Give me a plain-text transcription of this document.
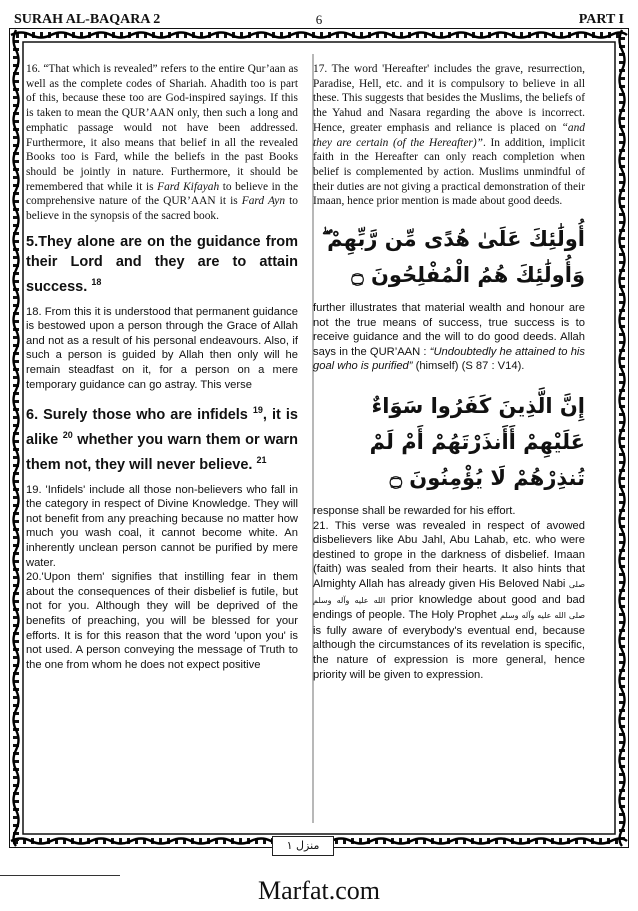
SURAH AL-BAQARA 2	6	PART I

16. “That which is revealed” refers to the entire Qur’aan as well as the complete codes of Shariah. Ahadith too is part of this, because these too are God-inspired sayings. If this is taken to mean the QUR’AAN only, then such a long and emphatic passage would not have been addressed. Furthermore, it also means that belief in all the revealed Books too is Fard, while the beliefs in the past Books should be jointly in nature. Furthermore, it should be remembered that while it is Fard Kifayah to believe in the comprehensive nature of the QUR’AAN it is Fard Ayn to believe in the synopsis of the sacred book.

5.They alone are on the guidance from their Lord and they are to attain success. $^{18}$

18. From this it is understood that permanent guidance is bestowed upon a person through the Grace of Allah and not as a result of his personal endeavours. Also, if such a person is guided by Allah then only will he remain steadfast on it, for a person on a mere temporary guidance can go astray. This verse

6. Surely those who are infidels $^{19}$, it is alike $^{20}$ whether you warn them or warn them not, they will never believe. $^{21}$

19. 'Infidels' include all those non-believers who fall in the category in respect of Divine Knowledge. They will not benefit from any preaching because no matter how much you wash coal, it cannot become white. An inherently unclean person cannot be purified by mere water.

20.'Upon them' signifies that instilling fear in them about the consequences of their disbelief is futile, but not for you. Although they will be deprived of the benefits of preaching, you will be blessed for your efforts. It is for this reason that the word 'upon you' is not used. A person conveying the message of Truth to the one from whom he does not expect positive

17. The word 'Hereafter' includes the grave, resurrection, Paradise, Hell, etc. and it is compulsory to believe in all these. This suggests that besides the Muslims, the beliefs of the Yahud and Nasara regarding the above is incorrect. Hence, greater emphasis and reliance is placed on “and they are certain (of the Hereafter)”. In addition, implicit faith in the Hereafter can only reach completion when belief is complemented by action. Muslims unmindful of their duties are not giving a practical demonstration of their Imaan, hence prior mention is made about good deeds.

أُولَٰئِكَ عَلَىٰ هُدًى مِّن رَّبِّهِمْ ۖ وَأُولَٰئِكَ هُمُ الْمُفْلِحُونَ ۝

further illustrates that material wealth and honour are not the true means of success, true success is to receive guidance and the will to do good deeds. Allah says in the QUR’AAN : “Undoubtedly he attained to his goal who is purified” (himself) (S 87 : V14).

إِنَّ الَّذِينَ كَفَرُوا سَوَاءٌ عَلَيْهِمْ أَأَنذَرْتَهُمْ أَمْ لَمْ تُنذِرْهُمْ لَا يُؤْمِنُونَ ۝

response shall be rewarded for his effort.

21. This verse was revealed in respect of avowed disbelievers like Abu Jahl, Abu Lahab, etc. who were destined to grope in the darkness of disbelief. Imaan (faith) was sealed from their hearts. It also hints that Almighty Allah has already given His Beloved Nabi صلى الله عليه وآله وسلم prior knowledge about good and bad endings of people. The Holy Prophet صلى الله عليه وآله وسلم is fully aware of everybody's eventual end, because although the circumstances of its revelation is specific, the nature of expression is more general, hence priority will be given to expression.

منزل ۱
Marfat.com
